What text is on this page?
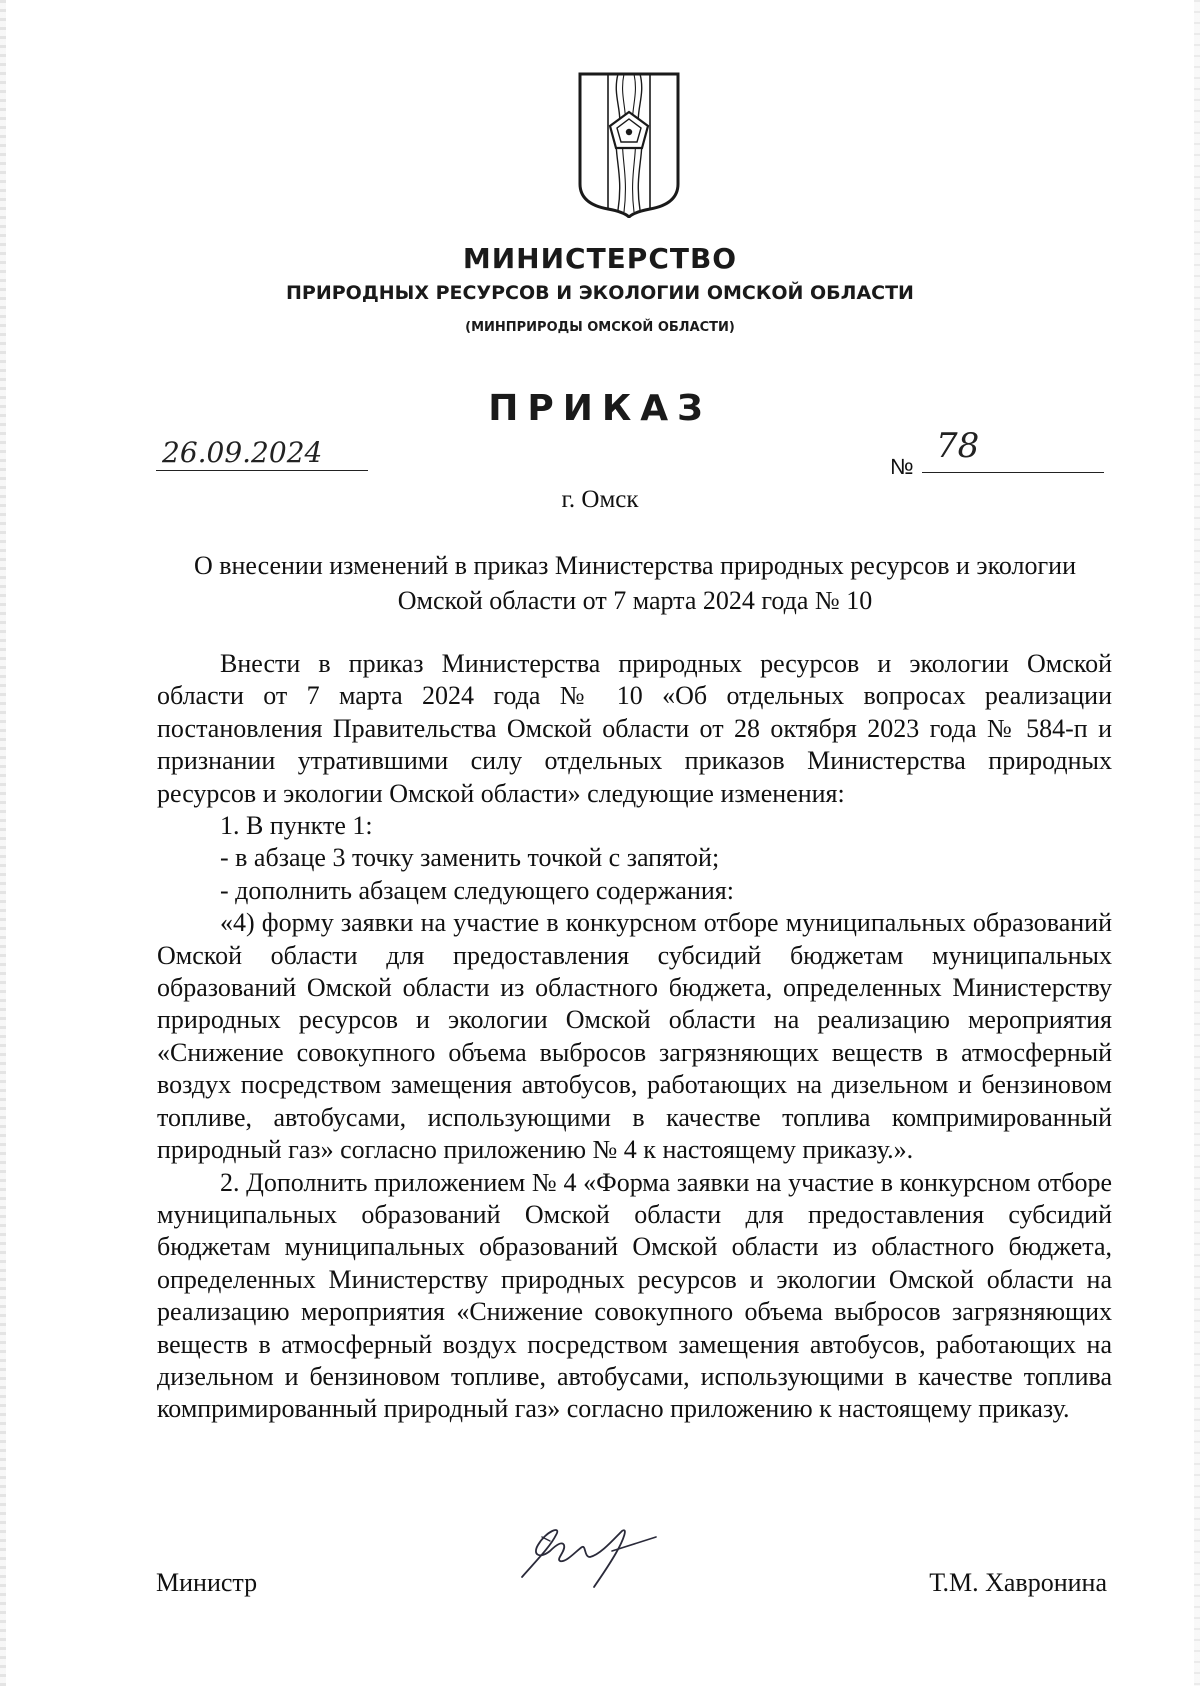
МИНИСТЕРСТВО
ПРИРОДНЫХ РЕСУРСОВ И ЭКОЛОГИИ ОМСКОЙ ОБЛАСТИ
(МИНПРИРОДЫ ОМСКОЙ ОБЛАСТИ)
ПРИКАЗ
26.09.2024	№
78
г. Омск
О внесении изменений в приказ Министерства природных ресурсов и экологии Омской области от 7 марта 2024 года № 10

Внести в приказ Министерства природных ресурсов и экологии Омской области от 7 марта 2024 года № 10 «Об отдельных вопросах реализации постановления Правительства Омской области от 28 октября 2023 года № 584-п и признании утратившими силу отдельных приказов Министерства природных ресурсов и экологии Омской области» следующие изменения:

1. В пункте 1:

- в абзаце 3 точку заменить точкой с запятой;

- дополнить абзацем следующего содержания:

«4) форму заявки на участие в конкурсном отборе муниципальных образований Омской области для предоставления субсидий бюджетам муниципальных образований Омской области из областного бюджета, определенных Министерству природных ресурсов и экологии Омской области на реализацию мероприятия «Снижение совокупного объема выбросов загрязняющих веществ в атмосферный воздух посредством замещения автобусов, работающих на дизельном и бензиновом топливе, автобусами, использующими в качестве топлива компримированный природный газ» согласно приложению № 4 к настоящему приказу.».

2. Дополнить приложением № 4 «Форма заявки на участие в конкурсном отборе муниципальных образований Омской области для предоставления субсидий бюджетам муниципальных образований Омской области из областного бюджета, определенных Министерству природных ресурсов и экологии Омской области на реализацию мероприятия «Снижение совокупного объема выбросов загрязняющих веществ в атмосферный воздух посредством замещения автобусов, работающих на дизельном и бензиновом топливе, автобусами, использующими в качестве топлива компримированный природный газ» согласно приложению к настоящему приказу.

Министр	Т.М. Хавронина
